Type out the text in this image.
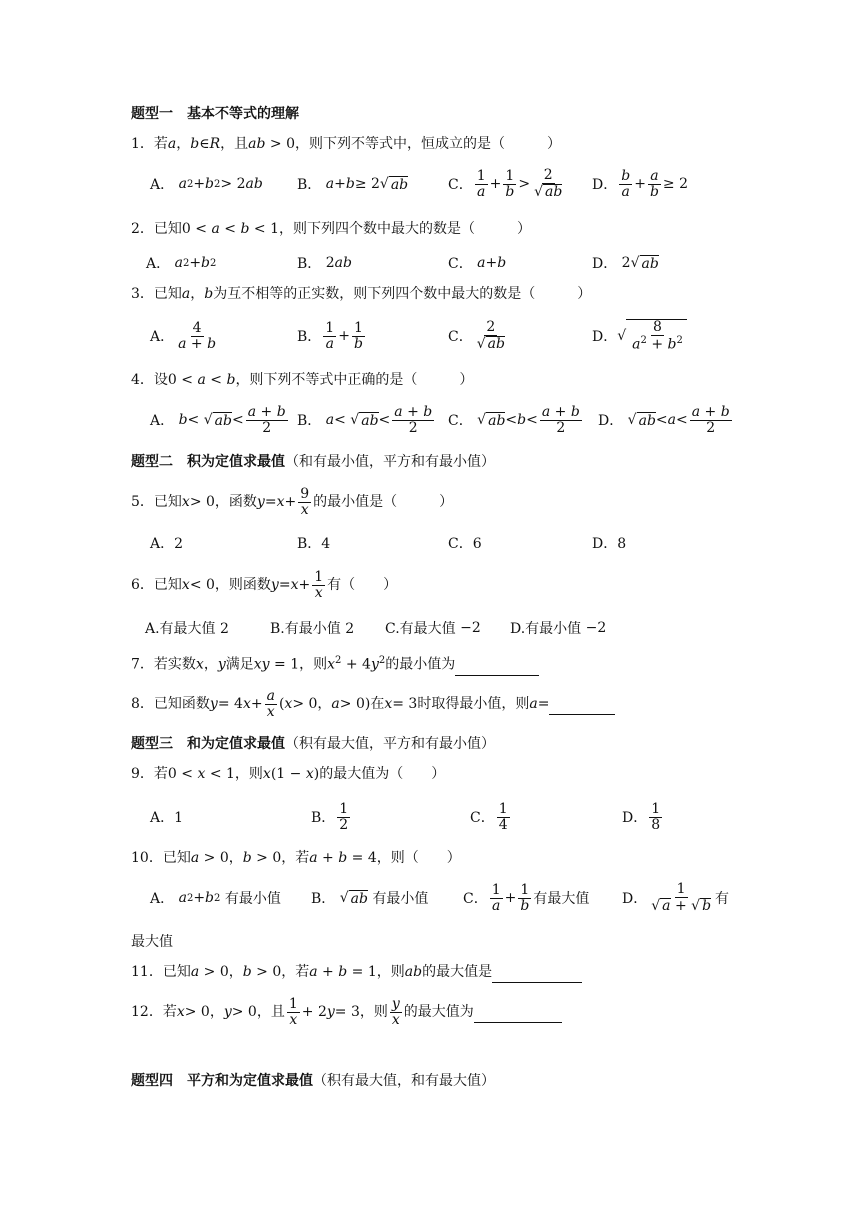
题型一　基本不等式的理解
1．若a，b∈R，且ab > 0，则下列不等式中，恒成立的是（　　　）
A．
a 2 + b 2 > 2 ab B．
a + b ≥ 2√ ab	C． $\frac{1}{a} + \frac{1}{b} > \frac{2}{√ ab}$ D． $\frac{b}{a} + \frac{a}{b} \ge 2$
2．已知0 < a < b < 1，则下列四个数中最大的数是（　　　）
A．
a 2 + b 2	B． 2 ab	C．
a + b	D． 2√ ab
3．已知a，b为互不相等的正实数，则下列四个数中最大的数是（　　　）
A． $\frac{4}{a + b}$	B． $\frac{1}{a} + \frac{1}{b}$	C． $\frac{2}{√ ab}$	D． √ $\frac{8}{a^2 + b^2}$
4．设0 < a < b，则下列不等式中正确的是（　　　）
A．
b < √ ab < $\frac{a + b}{2}$ B．
a < √ ab < $\frac{a + b}{2}$ C． √ ab < $b < \frac{a + b}{2}$ D． √ ab < $a < \frac{a + b}{2}$
题型二　积为定值求最值（和有最小值，平方和有最小值）
5．已知 x > 0 ，函数 $y = x + \frac{9}{x}$ 的最小值是（　　　）
A．2	B．4	C．6	D．8
6．已知 x < 0 ，则函数 $y = x + \frac{1}{x}$ 有（　　）
A.有最大值 2	B.有最小值 2 C.有最大值
−2 D.有最小值
−2
7．若实数x，y满足xy = 1，则$x^2 + 4y^2$的最小值为
8．已知函数 y = 4 $x + \frac{a}{x}$ ( x > 0， a > 0) 在 x = 3 时取得最小值，则 a =

题型三　和为定值求最值（积有最大值，平方和有最小值）
9．若0 < x < 1，则x(1 − x)的最大值为（　　）
A．1	B． $\frac{1}{2}$	C． $\frac{1}{4}$	D． $\frac{1}{8}$
10．已知a > 0，b > 0，若a + b = 4，则（　　）
A．
a 2 + b 2
有最小值 B． √ ab
有最小值 C． $\frac{1}{a} + \frac{1}{b}$ 有最大值 D． $\frac{1}{√ a + √ b}$ 有
最大值
11．已知a > 0，b > 0，若a + b = 1，则ab的最大值是
12．若 x > 0 ， y > 0 ，且 $\frac{1}{x} + 2$ y = 3 ，则 $\frac{y}{x}$ 的最大值为

题型四　平方和为定值求最值（积有最大值，和有最大值）
